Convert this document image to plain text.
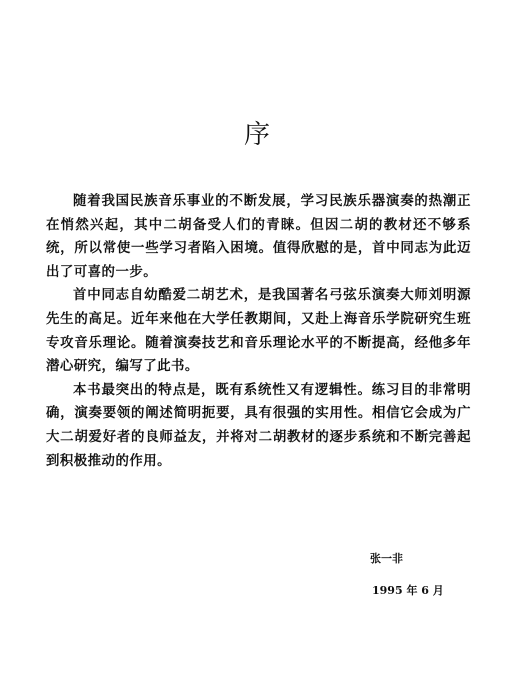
序

随着我国民族音乐事业的不断发展，学习民族乐器演奏的热潮正在悄然兴起，其中二胡备受人们的青睐。但因二胡的教材还不够系统，所以常使一些学习者陷入困境。值得欣慰的是，首中同志为此迈出了可喜的一步。

首中同志自幼酷爱二胡艺术，是我国著名弓弦乐演奏大师刘明源先生的高足。近年来他在大学任教期间，又赴上海音乐学院研究生班专攻音乐理论。随着演奏技艺和音乐理论水平的不断提高，经他多年潜心研究，编写了此书。

本书最突出的特点是，既有系统性又有逻辑性。练习目的非常明确，演奏要领的阐述简明扼要，具有很强的实用性。相信它会成为广大二胡爱好者的良师益友，并将对二胡教材的逐步系统和不断完善起到积极推动的作用。

张一非

1995 年 6 月
